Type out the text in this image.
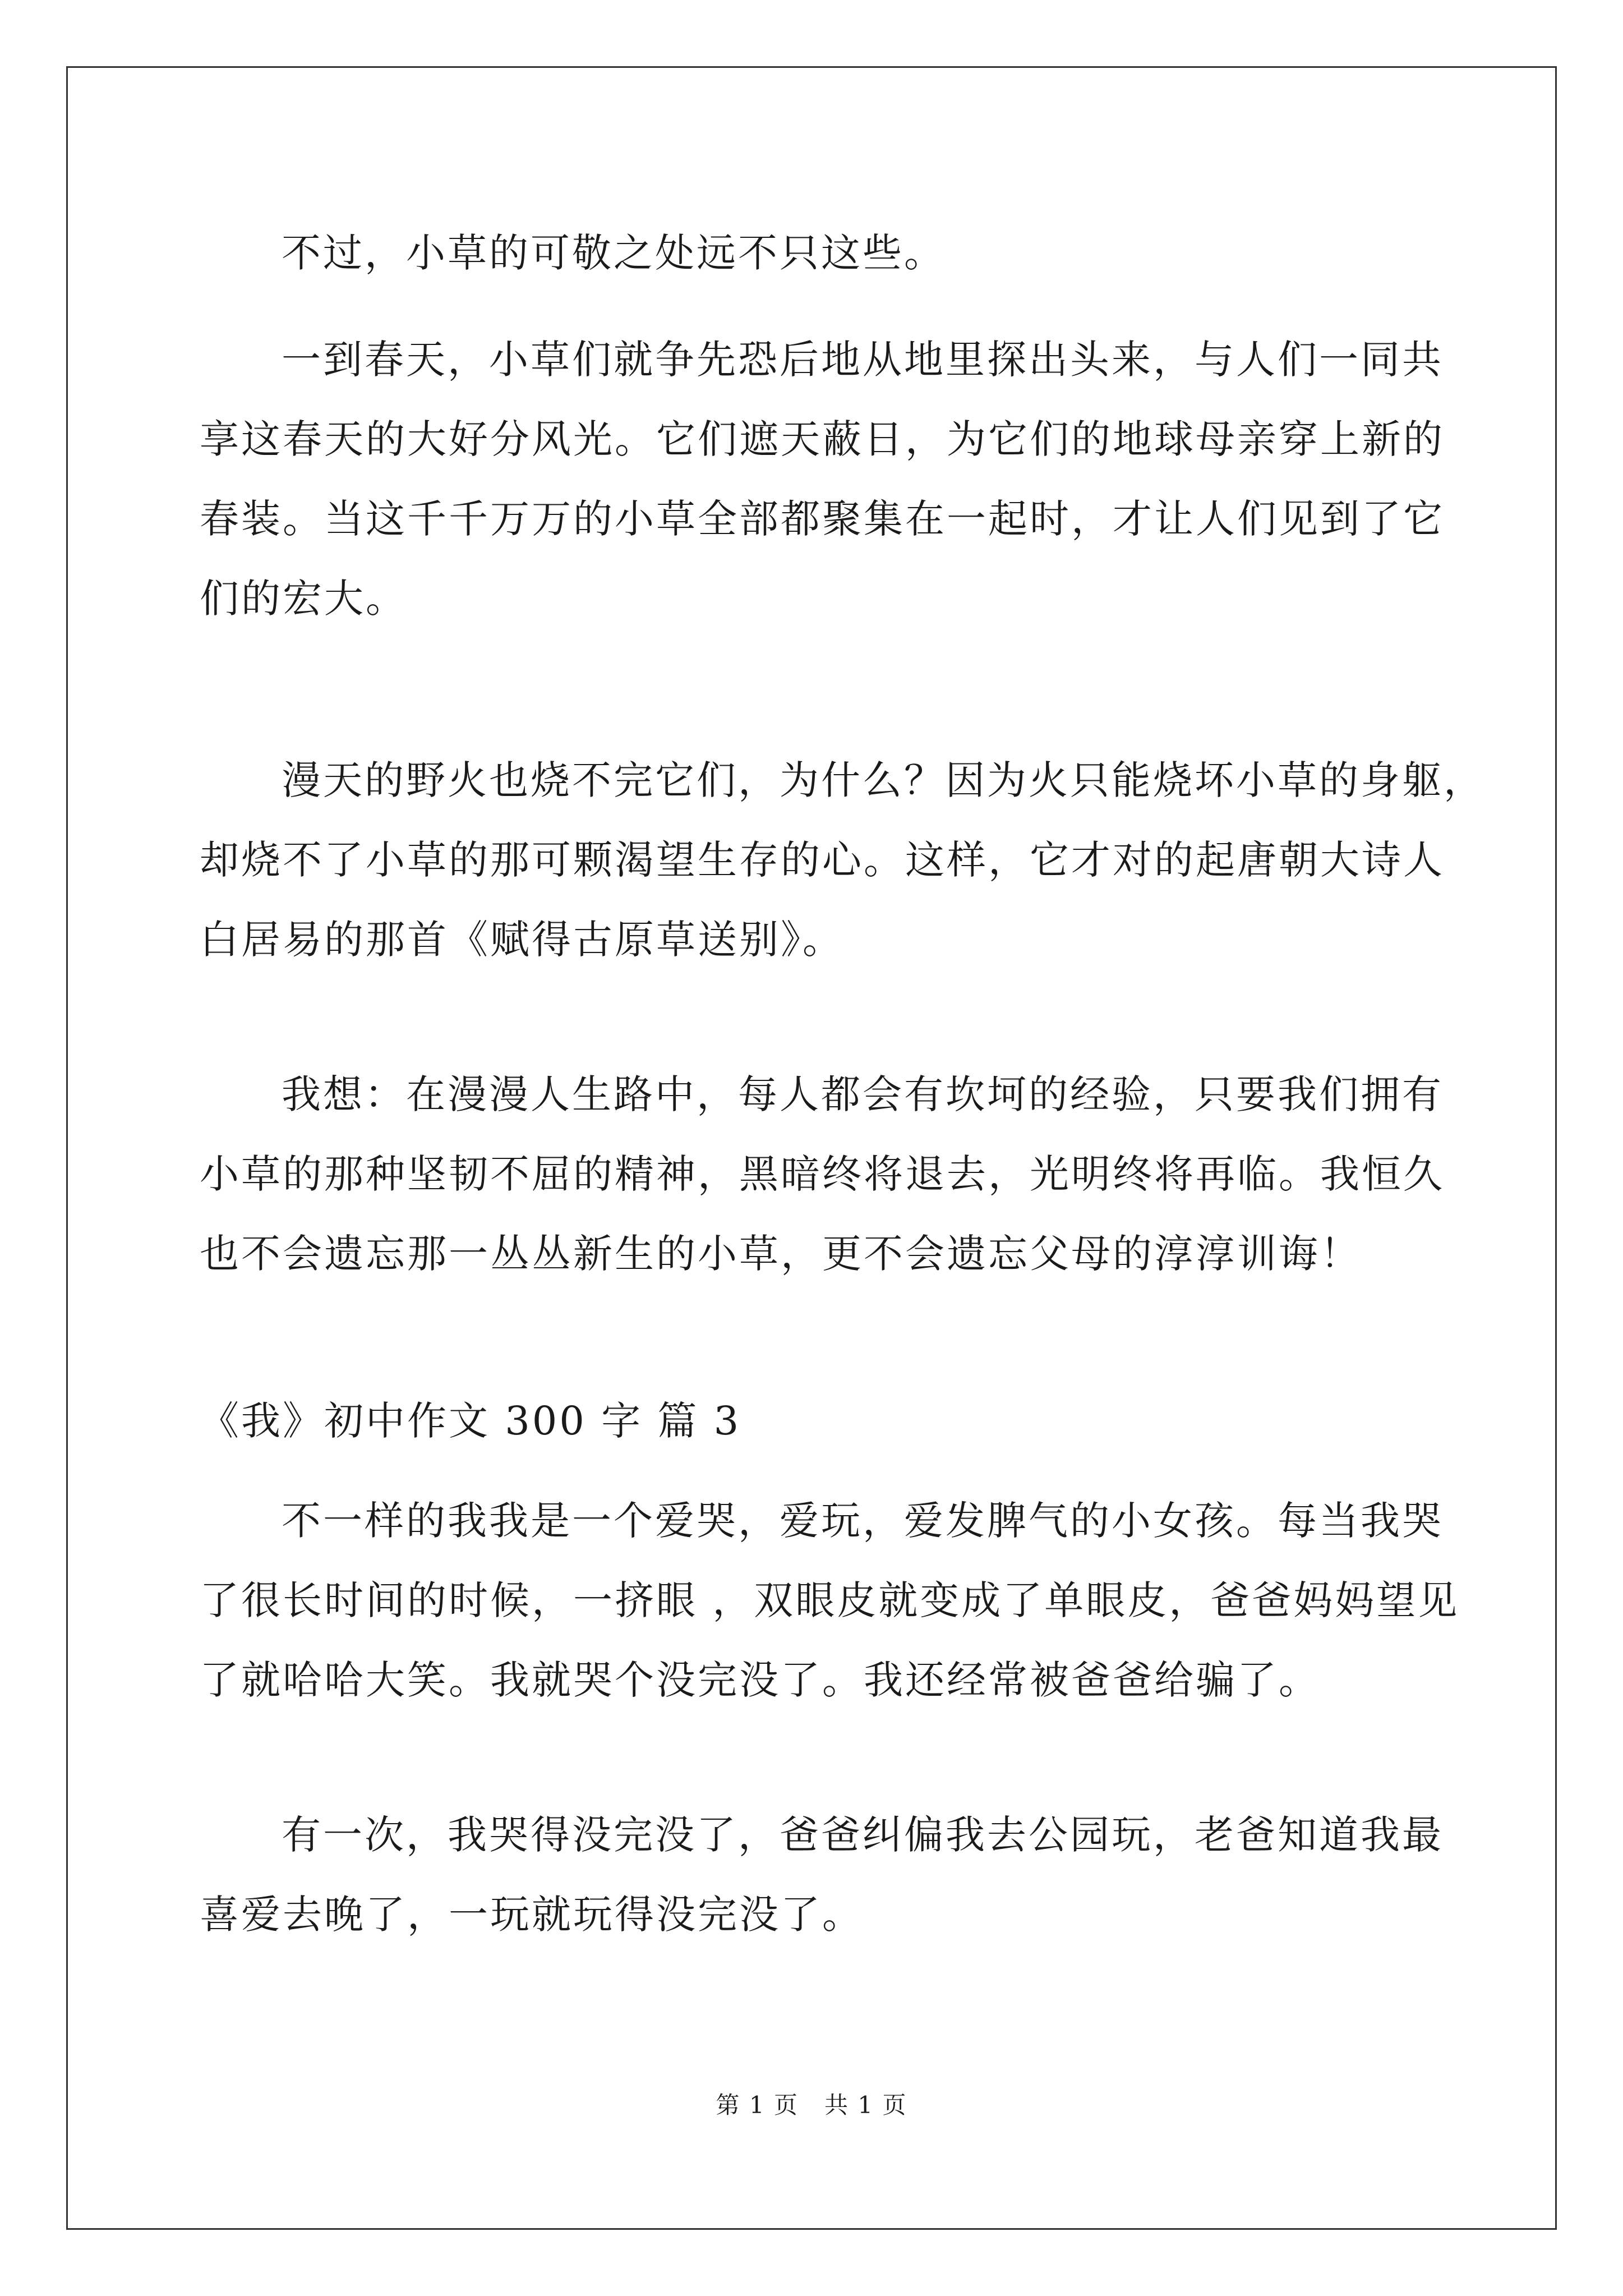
不过，小草的可敬之处远不只这些。

一到春天，小草们就争先恐后地从地里探出头来，与人们一同共
享这春天的大好分风光。它们遮天蔽日，为它们的地球母亲穿上新的
春装。当这千千万万的小草全部都聚集在一起时，才让人们见到了它
们的宏大。

漫天的野火也烧不完它们，为什么？因为火只能烧坏小草的身躯，
却烧不了小草的那可颗渴望生存的心。这样，它才对的起唐朝大诗人
白居易的那首《赋得古原草送别》。

我想：在漫漫人生路中，每人都会有坎坷的经验，只要我们拥有
小草的那种坚韧不屈的精神，黑暗终将退去，光明终将再临。我恒久
也不会遗忘那一丛丛新生的小草，更不会遗忘父母的淳淳训诲！

《我》初中作文 300 字 篇 3

不一样的我我是一个爱哭，爱玩，爱发脾气的小女孩。每当我哭
了很长时间的时候，一挤眼 ，双眼皮就变成了单眼皮，爸爸妈妈望见
了就哈哈大笑。我就哭个没完没了。我还经常被爸爸给骗了。

有一次，我哭得没完没了，爸爸纠偏我去公园玩，老爸知道我最
喜爱去晚了，一玩就玩得没完没了。

第 1 页 共 1 页
